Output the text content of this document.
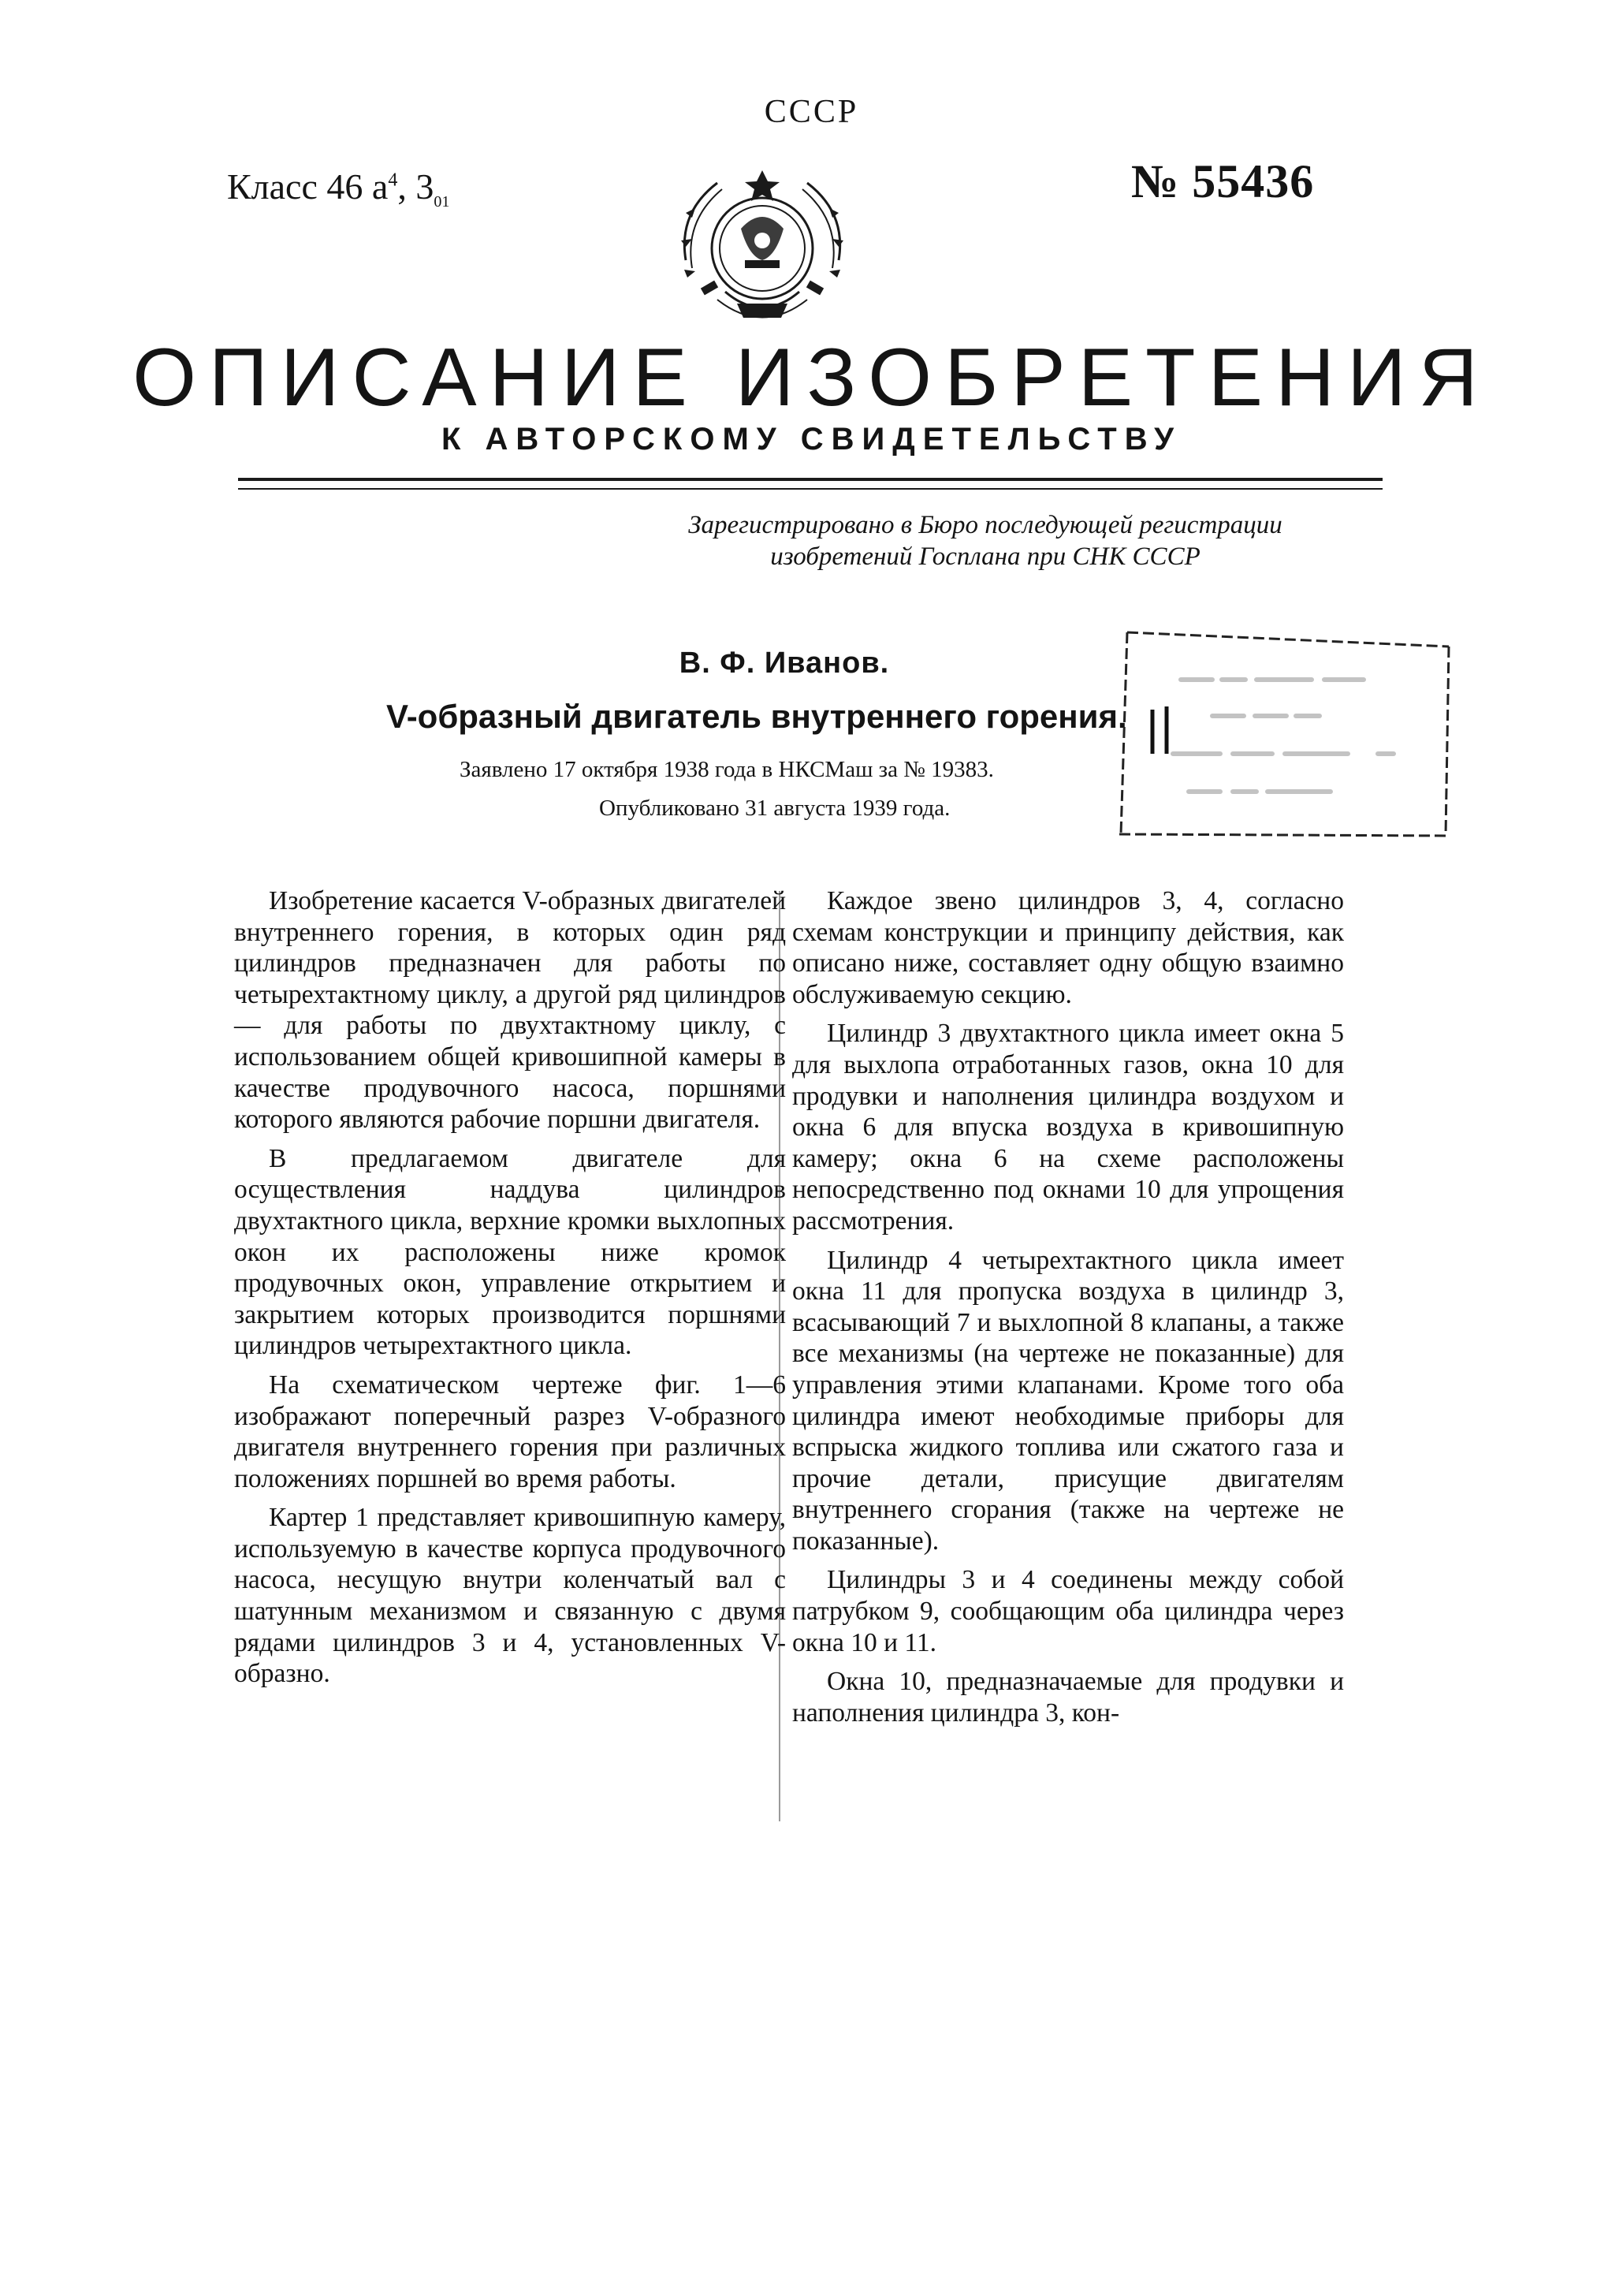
СССР
Класс 46 $a^4$, $3_{01}$	№ 55436
ОПИСАНИЕ ИЗОБРЕТЕНИЯ
К АВТОРСКОМУ СВИДЕТЕЛЬСТВУ
Зарегистрировано в Бюро последующей регистрации
изобретений Госплана при СНК СССР
В. Ф. Иванов.
V-образный двигатель внутреннего горения.
Заявлено 17 октября 1938 года в НКСМаш за № 19383.
Опубликовано 31 августа 1939 года.

Изобретение касается V-образных двигателей внутреннего горения, в которых один ряд цилиндров предназначен для работы по четырехтактному циклу, а другой ряд цилиндров — для работы по двухтактному циклу, с использованием общей кривошипной камеры в качестве продувочного насоса, поршнями которого являются рабочие поршни двигателя.

В предлагаемом двигателе для осуществления наддува цилиндров двухтактного цикла, верхние кромки выхлопных окон их расположены ниже кромок продувочных окон, управление открытием и закрытием которых производится поршнями цилиндров четырехтактного цикла.

На схематическом чертеже фиг. 1—6 изображают поперечный разрез V-образного двигателя внутреннего горения при различных положениях поршней во время работы.

Картер 1 представляет кривошипную камеру, используемую в качестве корпуса продувочного насоса, несущую внутри коленчатый вал с шатунным механизмом и связанную с двумя рядами цилиндров 3 и 4, установленных V-образно.

Каждое звено цилиндров 3, 4, согласно схемам конструкции и принципу действия, как описано ниже, составляет одну общую взаимно обслуживаемую секцию.

Цилиндр 3 двухтактного цикла имеет окна 5 для выхлопа отработанных газов, окна 10 для продувки и наполнения цилиндра воздухом и окна 6 для впуска воздуха в кривошипную камеру; окна 6 на схеме расположены непосредственно под окнами 10 для упрощения рассмотрения.

Цилиндр 4 четырехтактного цикла имеет окна 11 для пропуска воздуха в цилиндр 3, всасывающий 7 и выхлопной 8 клапаны, а также все механизмы (на чертеже не показанные) для управления этими клапанами. Кроме того оба цилиндра имеют необходимые приборы для вспрыска жидкого топлива или сжатого газа и прочие детали, присущие двигателям внутреннего сгорания (также на чертеже не показанные).

Цилиндры 3 и 4 соединены между собой патрубком 9, сообщающим оба цилиндра через окна 10 и 11.

Окна 10, предназначаемые для продувки и наполнения цилиндра 3, кон-
